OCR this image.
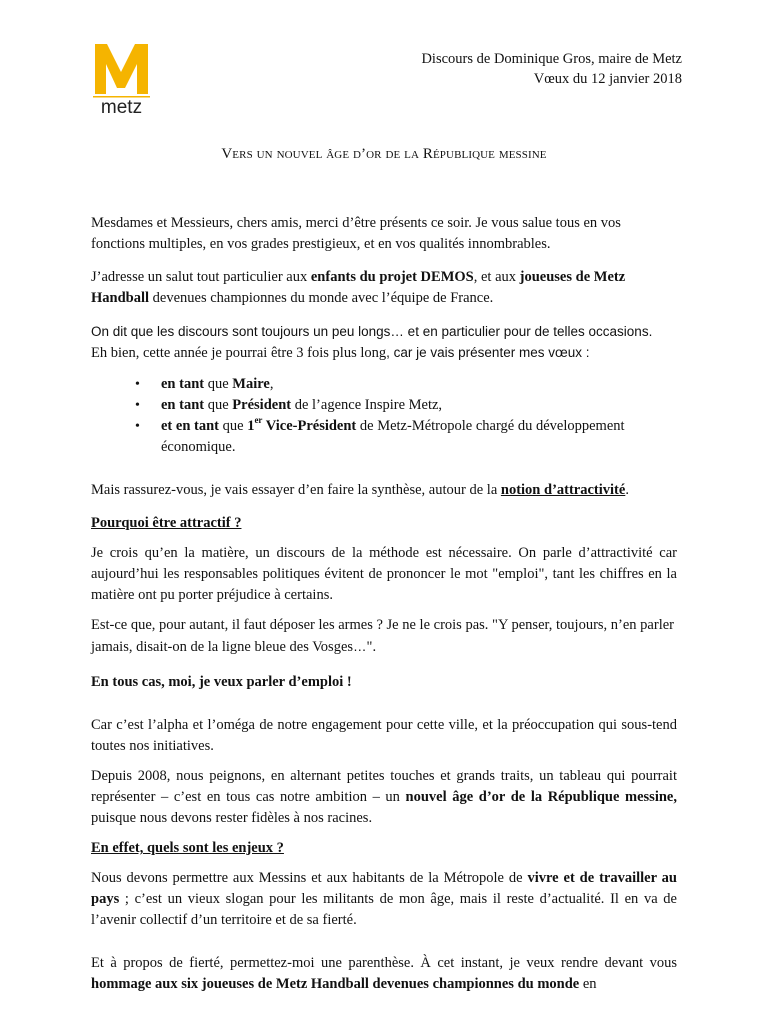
metz
Discours de Dominique Gros, maire de Metz
Vœux du 12 janvier 2018
Vers un nouvel âge d’or de la République messine

Mesdames et Messieurs, chers amis, merci d’être présents ce soir. Je vous salue tous en vos fonctions multiples, en vos grades prestigieux, et en vos qualités innombrables.

J’adresse un salut tout particulier aux enfants du projet DEMOS, et aux joueuses de Metz Handball devenues championnes du monde avec l’équipe de France.

On dit que les discours sont toujours un peu longs… et en particulier pour de telles occasions.

Eh bien, cette année je pourrai être 3 fois plus long, car je vais présenter mes vœux :

• en tant que Maire,
• en tant que Président de l’agence Inspire Metz,
• et en tant que 1er Vice-Président de Metz-Métropole chargé du développement économique.

Mais rassurez-vous, je vais essayer d’en faire la synthèse, autour de la notion d’attractivité.

Pourquoi être attractif ?

Je crois qu’en la matière, un discours de la méthode est nécessaire. On parle d’attractivité car aujourd’hui les responsables politiques évitent de prononcer le mot "emploi", tant les chiffres en la matière ont pu porter préjudice à certains.

Est-ce que, pour autant, il faut déposer les armes ? Je ne le crois pas. "Y penser, toujours, n’en parler jamais, disait-on de la ligne bleue des Vosges…".

En tous cas, moi, je veux parler d’emploi !

Car c’est l’alpha et l’oméga de notre engagement pour cette ville, et la préoccupation qui sous-tend toutes nos initiatives.

Depuis 2008, nous peignons, en alternant petites touches et grands traits, un tableau qui pourrait représenter – c’est en tous cas notre ambition – un nouvel âge d’or de la République messine, puisque nous devons rester fidèles à nos racines.

En effet, quels sont les enjeux ?

Nous devons permettre aux Messins et aux habitants de la Métropole de vivre et de travailler au pays ; c’est un vieux slogan pour les militants de mon âge, mais il reste d’actualité. Il en va de l’avenir collectif d’un territoire et de sa fierté.

Et à propos de fierté, permettez-moi une parenthèse. À cet instant, je veux rendre devant vous hommage aux six joueuses de Metz Handball devenues championnes du monde en
